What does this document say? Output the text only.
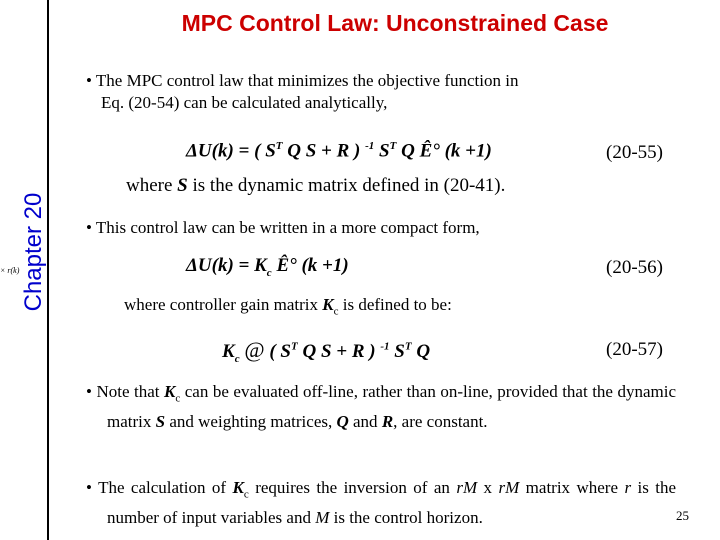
Chapter 20
× r(k)
MPC Control Law: Unconstrained Case
• The MPC control law that minimizes the objective function in
Eq. (20-54) can be calculated analytically,
ΔU(k) = ( $S^T$ Q S + R ) $^{-1}$ $S^T$ Q Ê° (k +1)	(20-55)
where S is the dynamic matrix defined in (20-41).
• This control law can be written in a more compact form,
$\Delta U(k) = K_c$ Ê° (k +1)	(20-56)
where controller gain matrix $K_c$ is defined to be:
$K_c$ @ ( $S^T$ Q S + R ) $^{-1}$ $S^T$ Q	(20-57)
• Note that $K_c$ can be evaluated off-line, rather than on-line, provided that the dynamic matrix S and weighting matrices, Q and R, are constant.
• The calculation of $K_c$ requires the inversion of an rM x rM matrix where r is the number of input variables and M is the control horizon.	25
